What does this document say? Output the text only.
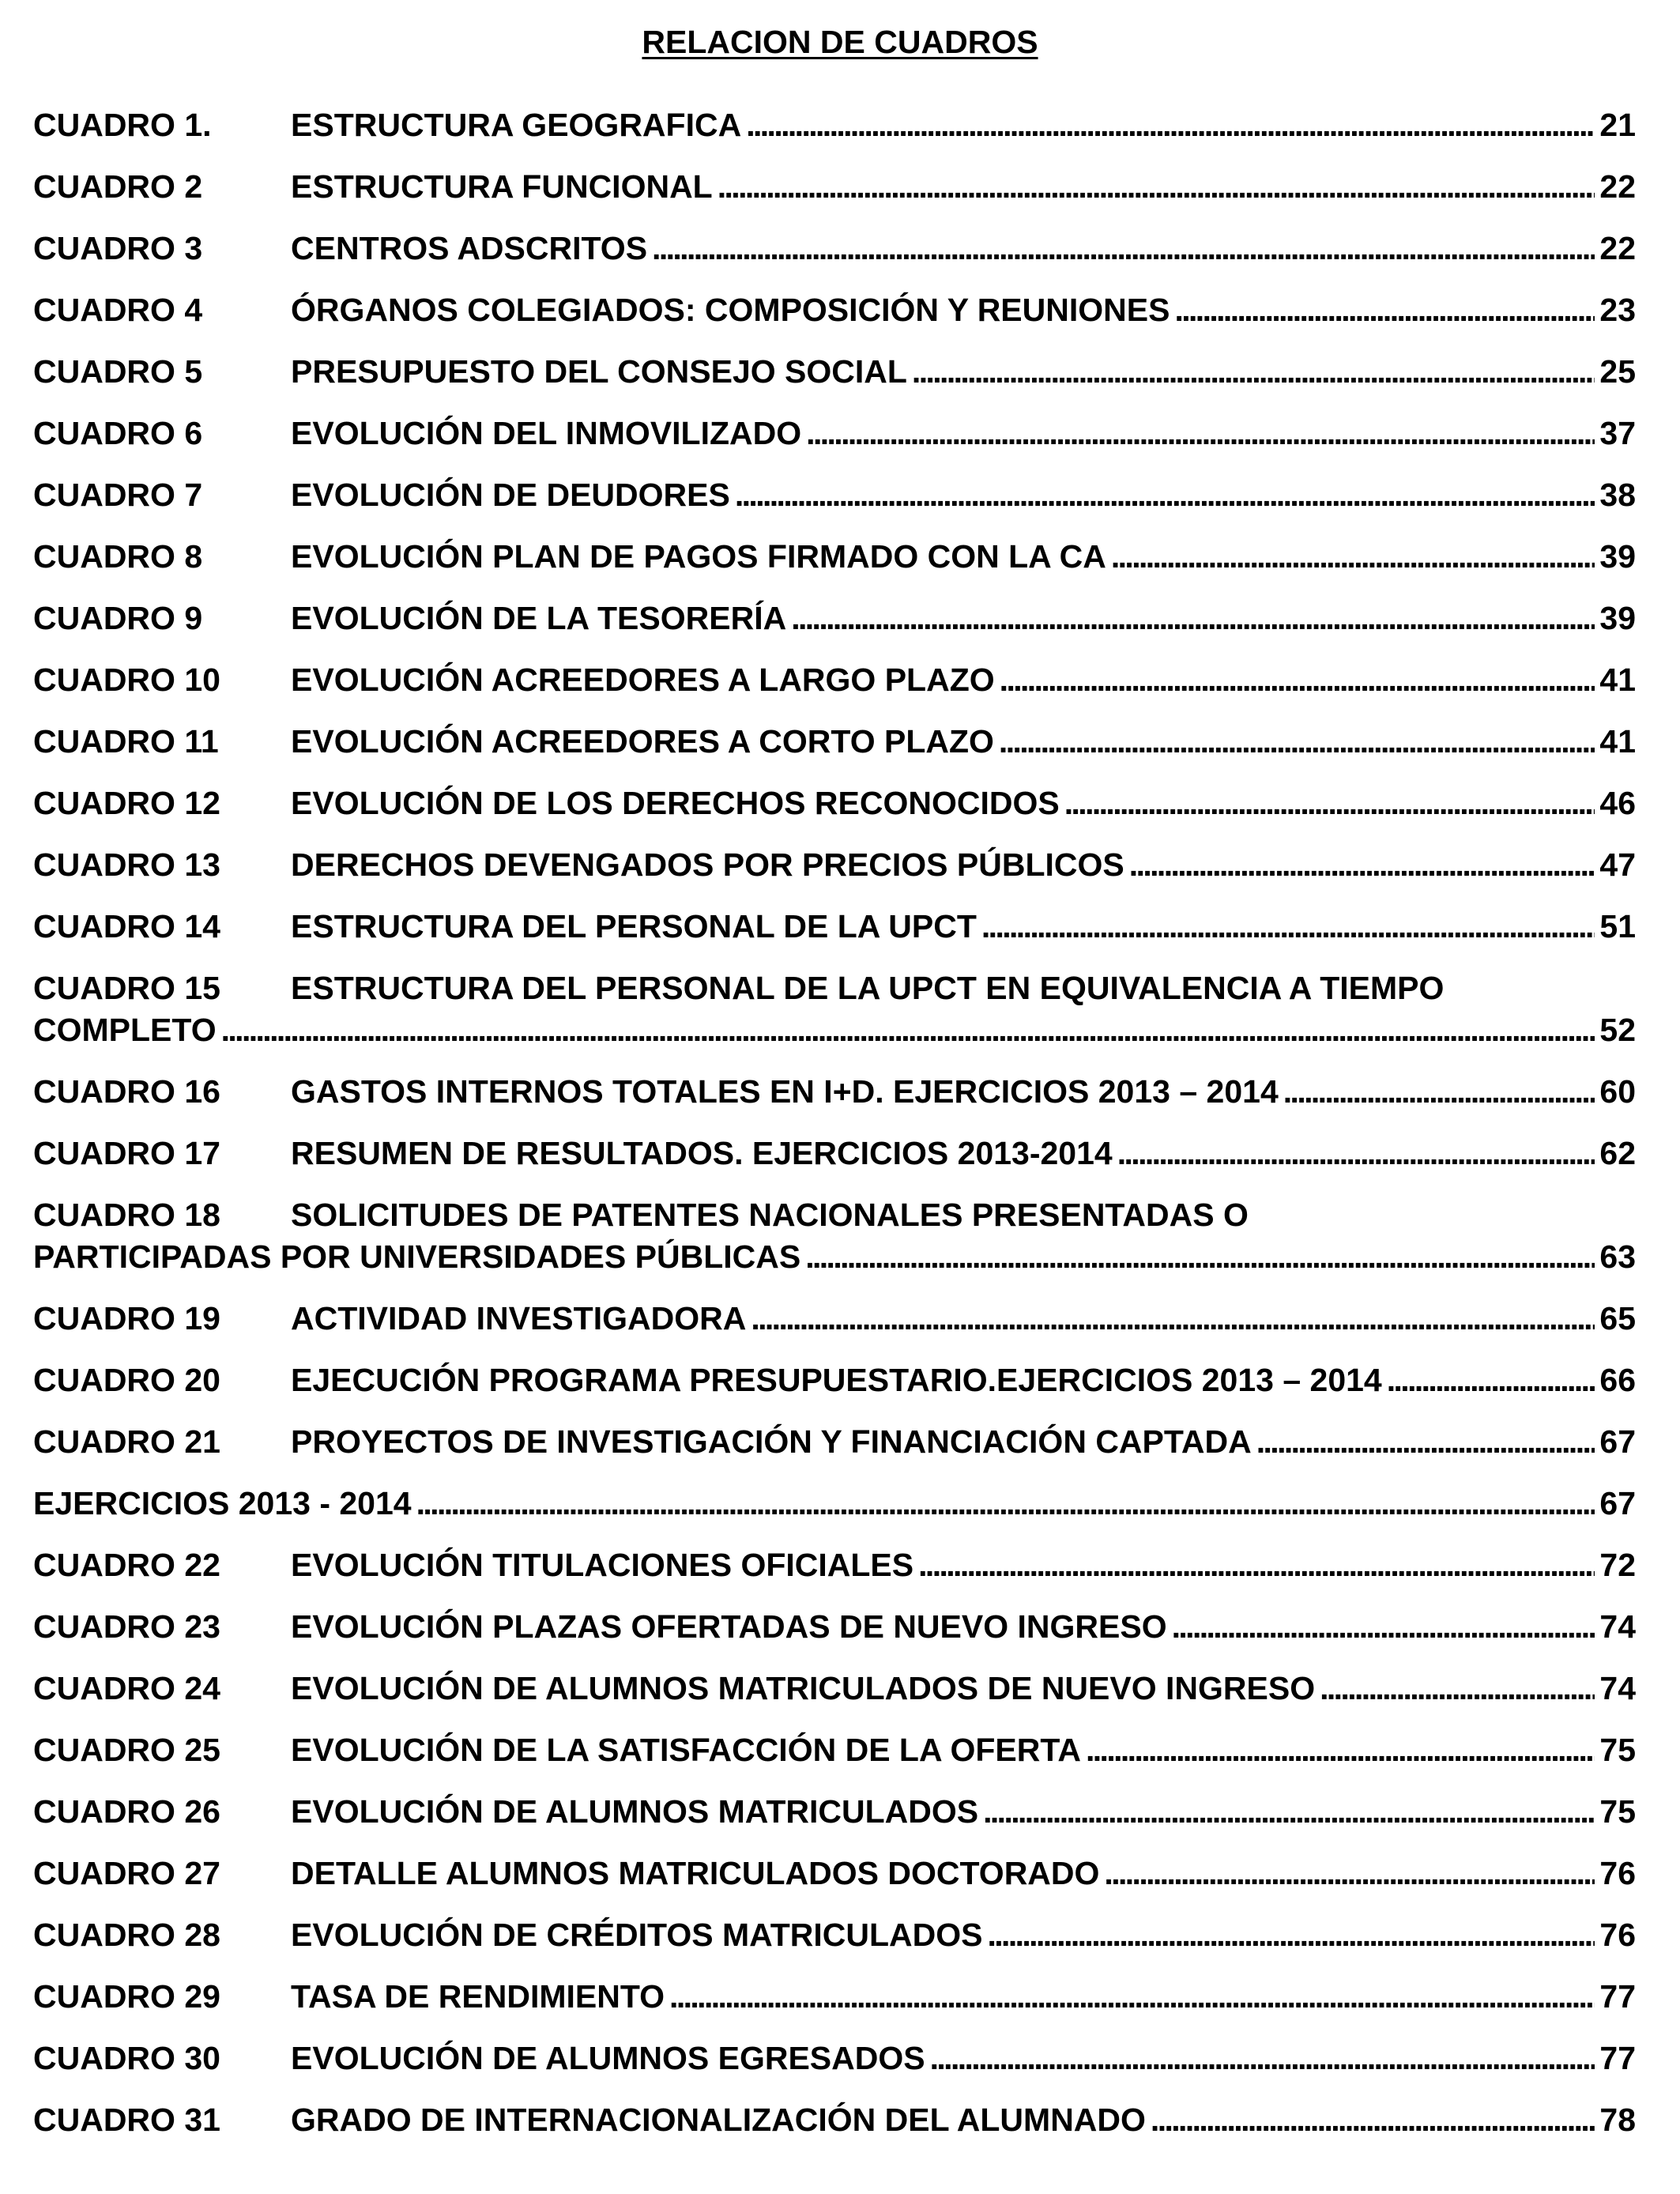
RELACION DE CUADROS
CUADRO 1.	ESTRUCTURA GEOGRAFICA . . .	21
CUADRO 2	ESTRUCTURA FUNCIONAL . . .	22
CUADRO 3	CENTROS ADSCRITOS . . .	22
CUADRO 4	ÓRGANOS COLEGIADOS: COMPOSICIÓN Y REUNIONES . . .	23
CUADRO 5	PRESUPUESTO DEL CONSEJO SOCIAL . . .	25
CUADRO 6	EVOLUCIÓN DEL INMOVILIZADO . . .	37
CUADRO 7	EVOLUCIÓN DE DEUDORES . . .	38
CUADRO 8	EVOLUCIÓN PLAN DE PAGOS FIRMADO CON LA CA . . .	39
CUADRO 9	EVOLUCIÓN DE LA TESORERÍA . . .	39
CUADRO 10	EVOLUCIÓN ACREEDORES A LARGO PLAZO . . .	41
CUADRO 11	EVOLUCIÓN ACREEDORES A CORTO PLAZO . . .	41
CUADRO 12	EVOLUCIÓN DE LOS DERECHOS RECONOCIDOS . . .	46
CUADRO 13	DERECHOS DEVENGADOS POR PRECIOS PÚBLICOS . . .	47
CUADRO 14	ESTRUCTURA DEL PERSONAL DE LA UPCT . . .	51
CUADRO 15	ESTRUCTURA DEL PERSONAL DE LA UPCT EN EQUIVALENCIA A TIEMPO
COMPLETO . . .	52
CUADRO 16	GASTOS INTERNOS TOTALES EN I+D. EJERCICIOS 2013 – 2014 . . .	60
CUADRO 17	RESUMEN DE RESULTADOS. EJERCICIOS 2013-2014 . . .	62
CUADRO 18	SOLICITUDES DE PATENTES NACIONALES PRESENTADAS O
PARTICIPADAS POR UNIVERSIDADES PÚBLICAS . . .	63
CUADRO 19	ACTIVIDAD INVESTIGADORA . . .	65
CUADRO 20	EJECUCIÓN PROGRAMA PRESUPUESTARIO.EJERCICIOS 2013 – 2014 . . .	66
CUADRO 21	PROYECTOS DE INVESTIGACIÓN Y FINANCIACIÓN CAPTADA . . .	67
EJERCICIOS 2013 - 2014 . . .	67
CUADRO 22	EVOLUCIÓN TITULACIONES OFICIALES . . .	72
CUADRO 23	EVOLUCIÓN PLAZAS OFERTADAS DE NUEVO INGRESO . . .	74
CUADRO 24	EVOLUCIÓN DE ALUMNOS MATRICULADOS DE NUEVO INGRESO . . .	74
CUADRO 25	EVOLUCIÓN DE LA SATISFACCIÓN DE LA OFERTA . . .	75
CUADRO 26	EVOLUCIÓN DE ALUMNOS MATRICULADOS . . .	75
CUADRO 27	DETALLE ALUMNOS MATRICULADOS DOCTORADO . . .	76
CUADRO 28	EVOLUCIÓN DE CRÉDITOS MATRICULADOS . . .	76
CUADRO 29	TASA DE RENDIMIENTO . . .	77
CUADRO 30	EVOLUCIÓN DE ALUMNOS EGRESADOS . . .	77
CUADRO 31	GRADO DE INTERNACIONALIZACIÓN DEL ALUMNADO . . .	78
